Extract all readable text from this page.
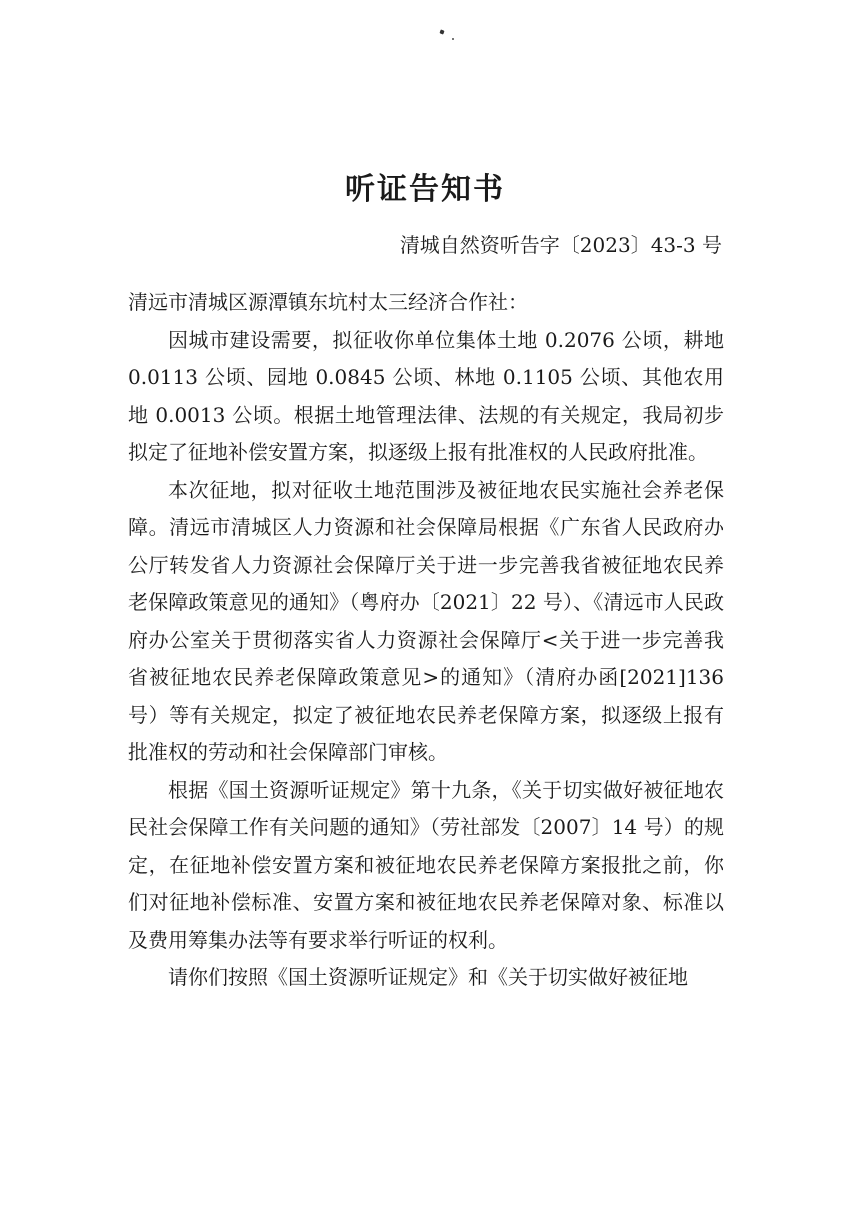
听证告知书
清城自然资听告字〔2023〕43-3 号

清远市清城区源潭镇东坑村太三经济合作社：

因城市建设需要，拟征收你单位集体土地 0.2076 公顷，耕地 0.0113 公顷、园地 0.0845 公顷、林地 0.1105 公顷、其他农用地 0.0013 公顷。根据土地管理法律、法规的有关规定，我局初步拟定了征地补偿安置方案，拟逐级上报有批准权的人民政府批准。

本次征地，拟对征收土地范围涉及被征地农民实施社会养老保障。清远市清城区人力资源和社会保障局根据《广东省人民政府办公厅转发省人力资源社会保障厅关于进一步完善我省被征地农民养老保障政策意见的通知》（粤府办〔2021〕22 号）、《清远市人民政府办公室关于贯彻落实省人力资源社会保障厅<关于进一步完善我省被征地农民养老保障政策意见>的通知》（清府办函[2021]136 号）等有关规定，拟定了被征地农民养老保障方案，拟逐级上报有批准权的劳动和社会保障部门审核。

根据《国土资源听证规定》第十九条，《关于切实做好被征地农民社会保障工作有关问题的通知》（劳社部发〔2007〕14 号）的规定，在征地补偿安置方案和被征地农民养老保障方案报批之前，你们对征地补偿标准、安置方案和被征地农民养老保障对象、标准以及费用筹集办法等有要求举行听证的权利。

请你们按照《国土资源听证规定》和《关于切实做好被征地
